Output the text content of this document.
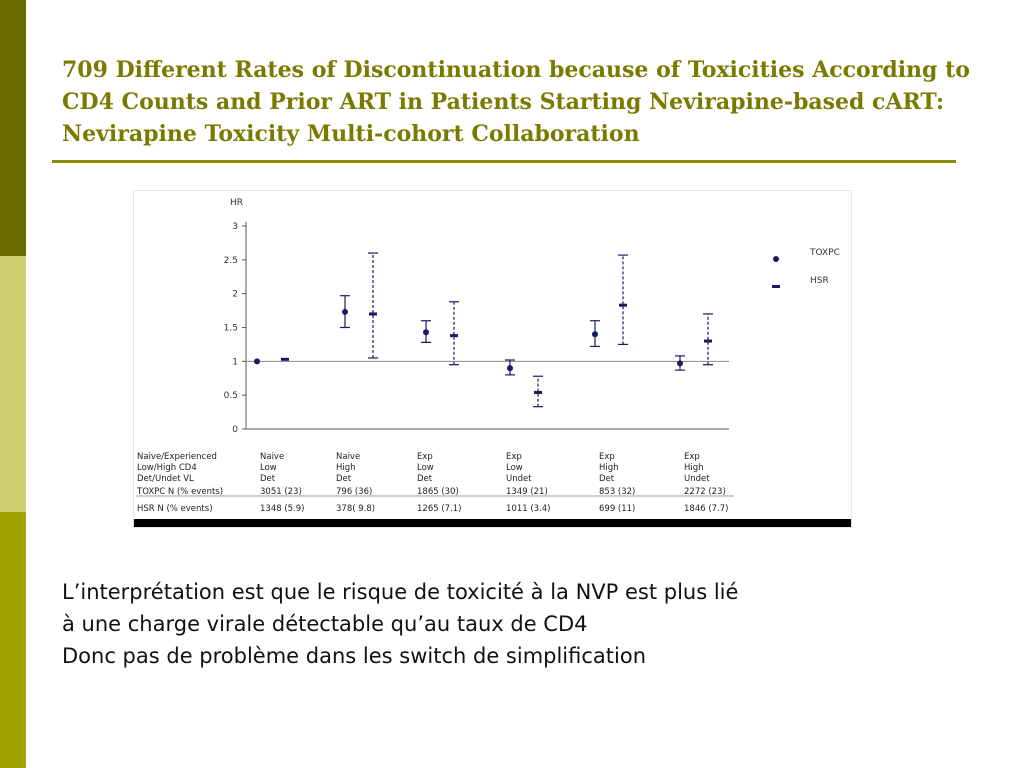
709 Different Rates of Discontinuation because of Toxicities According to CD4 Counts and Prior ART in Patients Starting Nevirapine-based cART: Nevirapine Toxicity Multi-cohort Collaboration
HR
0
0.5
1
1.5
2
2.5
3
TOXPC
HSR
Naive/Experienced
Low/High CD4
Det/Undet VL
TOXPC N (% events)
HSR N (% events)
Naive
Low
Det
3051 (23)
1348 (5.9)
Naive
High
Det
796 (36)
378( 9.8)
Exp
Low
Det
1865 (30)
1265 (7.1)
Exp
Low
Undet
1349 (21)
1011 (3.4)
Exp
High
Det
853 (32)
699 (11)
Exp
High
Undet
2272 (23)
1846 (7.7)
L’interprétation est que le risque de toxicité à la NVP est plus lié
à une charge virale détectable qu’au taux de CD4
Donc pas de problème dans les switch de simplification
